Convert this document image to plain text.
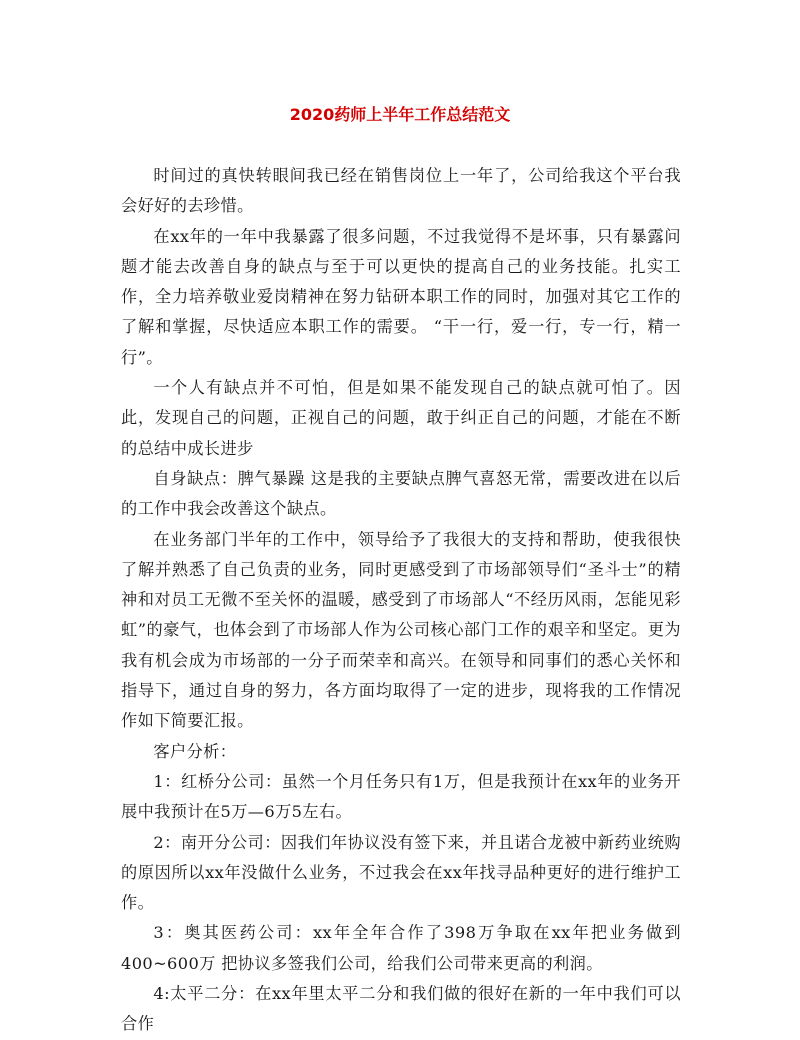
2020药师上半年工作总结范文

时间过的真快转眼间我已经在销售岗位上一年了，公司给我这个平台我会好好的去珍惜。

在xx年的一年中我暴露了很多问题，不过我觉得不是坏事，只有暴露问题才能去改善自身的缺点与至于可以更快的提高自己的业务技能。扎实工作，全力培养敬业爱岗精神在努力钻研本职工作的同时，加强对其它工作的了解和掌握，尽快适应本职工作的需要。 “干一行，爱一行，专一行，精一行”。

一个人有缺点并不可怕，但是如果不能发现自己的缺点就可怕了。因此，发现自己的问题，正视自己的问题，敢于纠正自己的问题，才能在不断的总结中成长进步

自身缺点：脾气暴躁 这是我的主要缺点脾气喜怒无常，需要改进在以后的工作中我会改善这个缺点。

在业务部门半年的工作中，领导给予了我很大的支持和帮助，使我很快了解并熟悉了自己负责的业务，同时更感受到了市场部领导们“圣斗士”的精神和对员工无微不至关怀的温暖，感受到了市场部人“不经历风雨，怎能见彩虹”的豪气，也体会到了市场部人作为公司核心部门工作的艰辛和坚定。更为我有机会成为市场部的一分子而荣幸和高兴。在领导和同事们的悉心关怀和指导下，通过自身的努力，各方面均取得了一定的进步，现将我的工作情况作如下简要汇报。

客户分析：

1：红桥分公司：虽然一个月任务只有1万，但是我预计在xx年的业务开展中我预计在5万—6万5左右。

2：南开分公司：因我们年协议没有签下来，并且诺合龙被中新药业统购的原因所以xx年没做什么业务，不过我会在xx年找寻品种更好的进行维护工作。

3：奥其医药公司：xx年全年合作了398万争取在xx年把业务做到400~600万 把协议多签我们公司，给我们公司带来更高的利润。

4:太平二分：在xx年里太平二分和我们做的很好在新的一年中我们可以合作
